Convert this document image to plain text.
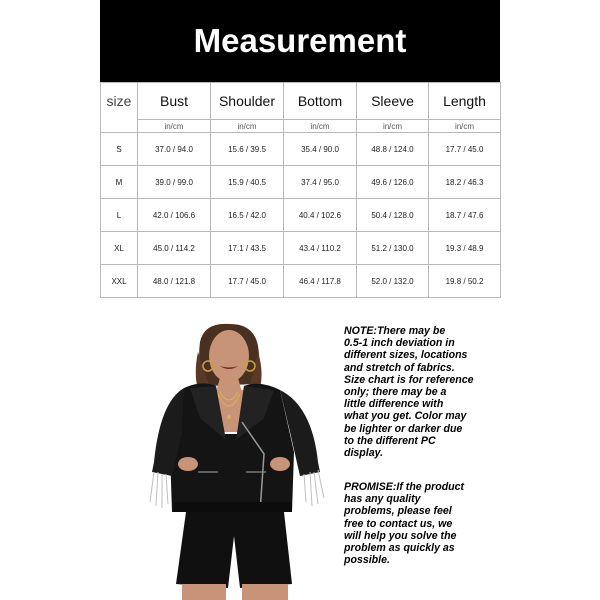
Measurement
size	Bust	Shoulder	Bottom	Sleeve	Length
	in/cm	in/cm	in/cm	in/cm	in/cm
S	37.0 / 94.0	15.6 / 39.5	35.4 / 90.0	48.8 / 124.0	17.7 / 45.0
M	39.0 / 99.0	15.9 / 40.5	37.4 / 95.0	49.6 / 126.0	18.2 / 46.3
L	42.0 / 106.6	16.5 / 42.0	40.4 / 102.6	50.4 / 128.0	18.7 / 47.6
XL	45.0 / 114.2	17.1 / 43.5	43.4 / 110.2	51.2 / 130.0	19.3 / 48.9
XXL	48.0 / 121.8	17.7 / 45.0	46.4 / 117.8	52.0 / 132.0	19.8 / 50.2
NOTE:There may be
0.5-1 inch deviation in
different sizes, locations
and stretch of fabrics.
Size chart is for reference
only; there may be a
little difference with
what you get. Color may
be lighter or darker due
to the different PC
display.
PROMISE:If the product
has any quality
problems, please feel
free to contact us, we
will help you solve the
problem as quickly as
possible.
